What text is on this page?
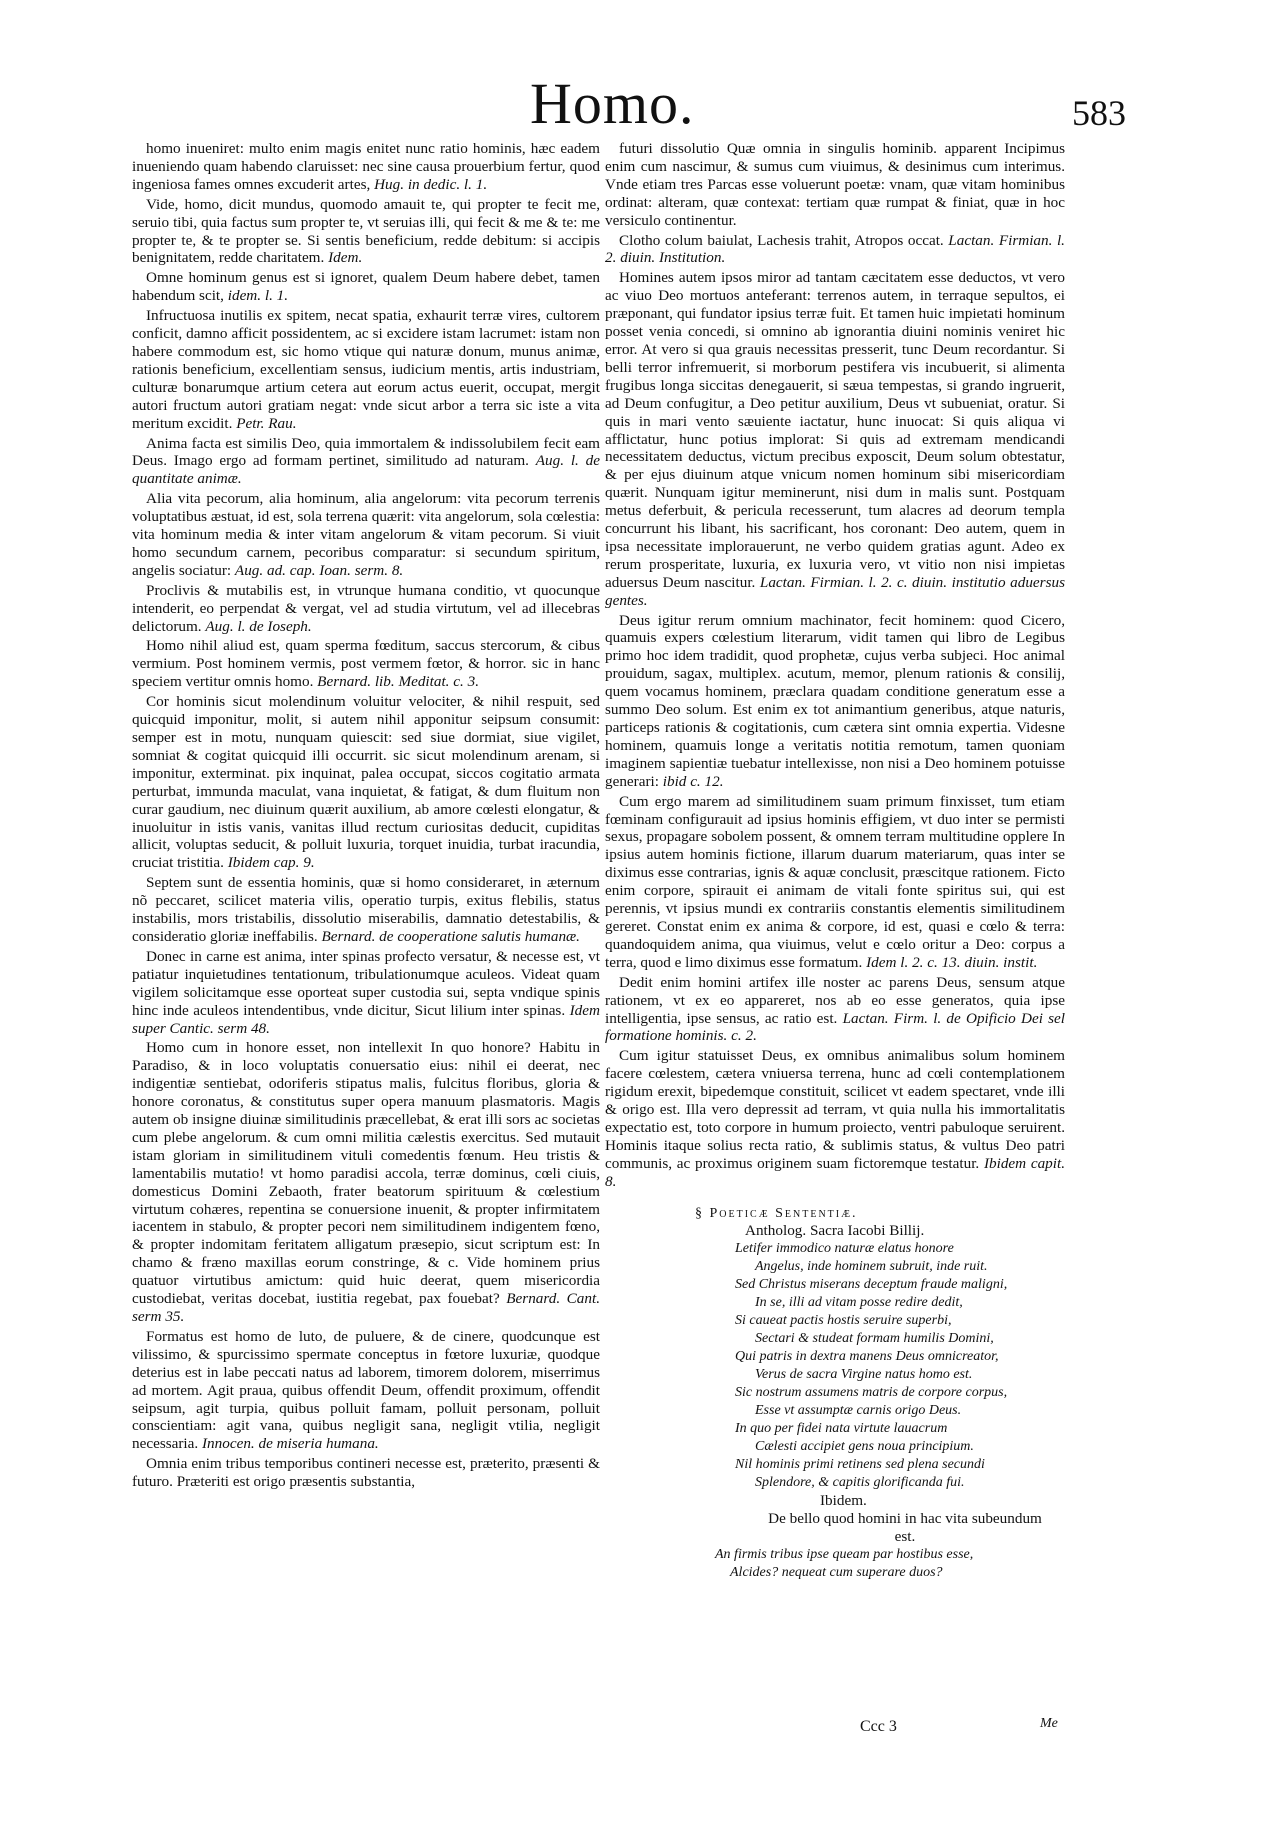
Homo.	583

homo inueniret: multo enim magis enitet nunc ratio hominis, hæc eadem inueniendo quam habendo claruisset: nec sine causa prouerbium fertur, quod ingeniosa fames omnes excuderit artes, Hug. in dedic. l. 1.

Vide, homo, dicit mundus, quomodo amauit te, qui propter te fecit me, seruio tibi, quia factus sum propter te, vt seruias illi, qui fecit & me & te: me propter te, & te propter se. Si sentis beneficium, redde debitum: si accipis benignitatem, redde charitatem. Idem.

Omne hominum genus est si ignoret, qualem Deum habere debet, tamen habendum scit, idem. l. 1.

Infructuosa inutilis ex spitem, necat spatia, exhaurit terræ vires, cultorem conficit, damno afficit possidentem, ac si excidere istam lacrumet: istam non habere commodum est, sic homo vtique qui naturæ donum, munus animæ, rationis beneficium, excellentiam sensus, iudicium mentis, artis industriam, culturæ bonarumque artium cetera aut eorum actus euerit, occupat, mergit autori fructum autori gratiam negat: vnde sicut arbor a terra sic iste a vita meritum excidit. Petr. Rau.

Anima facta est similis Deo, quia immortalem & indissolubilem fecit eam Deus. Imago ergo ad formam pertinet, similitudo ad naturam. Aug. l. de quantitate animæ.

Alia vita pecorum, alia hominum, alia angelorum: vita pecorum terrenis voluptatibus æstuat, id est, sola terrena quærit: vita angelorum, sola cœlestia: vita hominum media & inter vitam angelorum & vitam pecorum. Si viuit homo secundum carnem, pecoribus comparatur: si secundum spiritum, angelis sociatur: Aug. ad. cap. Ioan. serm. 8.

Proclivis & mutabilis est, in vtrunque humana conditio, vt quocunque intenderit, eo perpendat & vergat, vel ad studia virtutum, vel ad illecebras delictorum. Aug. l. de Ioseph.

Homo nihil aliud est, quam sperma fœditum, saccus stercorum, & cibus vermium. Post hominem vermis, post vermem fœtor, & horror. sic in hanc speciem vertitur omnis homo. Bernard. lib. Meditat. c. 3.

Cor hominis sicut molendinum voluitur velociter, & nihil respuit, sed quicquid imponitur, molit, si autem nihil apponitur seipsum consumit: semper est in motu, nunquam quiescit: sed siue dormiat, siue vigilet, somniat & cogitat quicquid illi occurrit. sic sicut molendinum arenam, si imponitur, exterminat. pix inquinat, palea occupat, siccos cogitatio armata perturbat, immunda maculat, vana inquietat, & fatigat, & dum fluitum non curar gaudium, nec diuinum quærit auxilium, ab amore cœlesti elongatur, & inuoluitur in istis vanis, vanitas illud rectum curiositas deducit, cupiditas allicit, voluptas seducit, & polluit luxuria, torquet inuidia, turbat iracundia, cruciat tristitia. Ibidem cap. 9.

Septem sunt de essentia hominis, quæ si homo consideraret, in æternum nõ peccaret, scilicet materia vilis, operatio turpis, exitus flebilis, status instabilis, mors tristabilis, dissolutio miserabilis, damnatio detestabilis, & consideratio gloriæ ineffabilis. Bernard. de cooperatione salutis humanæ.

Donec in carne est anima, inter spinas profecto versatur, & necesse est, vt patiatur inquietudines tentationum, tribulationumque aculeos. Videat quam vigilem solicitamque esse oporteat super custodia sui, septa vndique spinis hinc inde aculeos intendentibus, vnde dicitur, Sicut lilium inter spinas. Idem super Cantic. serm 48.

Homo cum in honore esset, non intellexit In quo honore? Habitu in Paradiso, & in loco voluptatis conuersatio eius: nihil ei deerat, nec indigentiæ sentiebat, odoriferis stipatus malis, fulcitus floribus, gloria & honore coronatus, & constitutus super opera manuum plasmatoris. Magis autem ob insigne diuinæ similitudinis præcellebat, & erat illi sors ac societas cum plebe angelorum. & cum omni militia cælestis exercitus. Sed mutauit istam gloriam in similitudinem vituli comedentis fœnum. Heu tristis & lamentabilis mutatio! vt homo paradisi accola, terræ dominus, cœli ciuis, domesticus Domini Zebaoth, frater beatorum spirituum & cœlestium virtutum cohæres, repentina se conuersione inuenit, & propter infirmitatem iacentem in stabulo, & propter pecori nem similitudinem indigentem fœno, & propter indomitam feritatem alligatum præsepio, sicut scriptum est: In chamo & fræno maxillas eorum constringe, & c. Vide hominem prius quatuor virtutibus amictum: quid huic deerat, quem misericordia custodiebat, veritas docebat, iustitia regebat, pax fouebat? Bernard. Cant. serm 35.

Formatus est homo de luto, de puluere, & de cinere, quodcunque est vilissimo, & spurcissimo spermate conceptus in fœtore luxuriæ, quodque deterius est in labe peccati natus ad laborem, timorem dolorem, miserrimus ad mortem. Agit praua, quibus offendit Deum, offendit proximum, offendit seipsum, agit turpia, quibus polluit famam, polluit personam, polluit conscientiam: agit vana, quibus negligit sana, negligit vtilia, negligit necessaria. Innocen. de miseria humana.

Omnia enim tribus temporibus contineri necesse est, præterito, præsenti & futuro. Præteriti est origo præsentis substantia,

futuri dissolutio Quæ omnia in singulis hominib. apparent Incipimus enim cum nascimur, & sumus cum viuimus, & desinimus cum interimus. Vnde etiam tres Parcas esse voluerunt poetæ: vnam, quæ vitam hominibus ordinat: alteram, quæ contexat: tertiam quæ rumpat & finiat, quæ in hoc versiculo continentur.

Clotho colum baiulat, Lachesis trahit, Atropos occat. Lactan. Firmian. l. 2. diuin. Institution.

Homines autem ipsos miror ad tantam cæcitatem esse deductos, vt vero ac viuo Deo mortuos anteferant: terrenos autem, in terraque sepultos, ei præponant, qui fundator ipsius terræ fuit. Et tamen huic impietati hominum posset venia concedi, si omnino ab ignorantia diuini nominis veniret hic error. At vero si qua grauis necessitas presserit, tunc Deum recordantur. Si belli terror infremuerit, si morborum pestifera vis incubuerit, si alimenta frugibus longa siccitas denegauerit, si sæua tempestas, si grando ingruerit, ad Deum confugitur, a Deo petitur auxilium, Deus vt subueniat, oratur. Si quis in mari vento sæuiente iactatur, hunc inuocat: Si quis aliqua vi afflictatur, hunc potius implorat: Si quis ad extremam mendicandi necessitatem deductus, victum precibus exposcit, Deum solum obtestatur, & per ejus diuinum atque vnicum nomen hominum sibi misericordiam quærit. Nunquam igitur meminerunt, nisi dum in malis sunt. Postquam metus deferbuit, & pericula recesserunt, tum alacres ad deorum templa concurrunt his libant, his sacrificant, hos coronant: Deo autem, quem in ipsa necessitate implorauerunt, ne verbo quidem gratias agunt. Adeo ex rerum prosperitate, luxuria, ex luxuria vero, vt vitio non nisi impietas aduersus Deum nascitur. Lactan. Firmian. l. 2. c. diuin. institutio aduersus gentes.

Deus igitur rerum omnium machinator, fecit hominem: quod Cicero, quamuis expers cœlestium literarum, vidit tamen qui libro de Legibus primo hoc idem tradidit, quod prophetæ, cujus verba subjeci. Hoc animal prouidum, sagax, multiplex. acutum, memor, plenum rationis & consilij, quem vocamus hominem, præclara quadam conditione generatum esse a summo Deo solum. Est enim ex tot animantium generibus, atque naturis, particeps rationis & cogitationis, cum cætera sint omnia expertia. Videsne hominem, quamuis longe a veritatis notitia remotum, tamen quoniam imaginem sapientiæ tuebatur intellexisse, non nisi a Deo hominem potuisse generari: ibid c. 12.

Cum ergo marem ad similitudinem suam primum finxisset, tum etiam fœminam configurauit ad ipsius hominis effigiem, vt duo inter se permisti sexus, propagare sobolem possent, & omnem terram multitudine opplere In ipsius autem hominis fictione, illarum duarum materiarum, quas inter se diximus esse contrarias, ignis & aquæ conclusit, præscitque rationem. Ficto enim corpore, spirauit ei animam de vitali fonte spiritus sui, qui est perennis, vt ipsius mundi ex contrariis constantis elementis similitudinem gereret. Constat enim ex anima & corpore, id est, quasi e cœlo & terra: quandoquidem anima, qua viuimus, velut e cœlo oritur a Deo: corpus a terra, quod e limo diximus esse formatum. Idem l. 2. c. 13. diuin. instit.

Dedit enim homini artifex ille noster ac parens Deus, sensum atque rationem, vt ex eo appareret, nos ab eo esse generatos, quia ipse intelligentia, ipse sensus, ac ratio est. Lactan. Firm. l. de Opificio Dei sel formatione hominis. c. 2.

Cum igitur statuisset Deus, ex omnibus animalibus solum hominem facere cœlestem, cætera vniuersa terrena, hunc ad cœli contemplationem rigidum erexit, bipedemque constituit, scilicet vt eadem spectaret, vnde illi & origo est. Illa vero depressit ad terram, vt quia nulla his immortalitatis expectatio est, toto corpore in humum proiecto, ventri pabuloque seruirent. Hominis itaque solius recta ratio, & sublimis status, & vultus Deo patri communis, ac proximus originem suam fictoremque testatur. Ibidem capit. 8.

§ Poeticæ Sententiæ.
Antholog. Sacra Iacobi Billij.
Letifer immodico naturæ elatus honore
Angelus, inde hominem subruit, inde ruit.
Sed Christus miserans deceptum fraude maligni,
In se, illi ad vitam posse redire dedit,
Si caueat pactis hostis seruire superbi,
Sectari & studeat formam humilis Domini,
Qui patris in dextra manens Deus omnicreator,
Verus de sacra Virgine natus homo est.
Sic nostrum assumens matris de corpore corpus,
Esse vt assumptæ carnis origo Deus.
In quo per fidei nata virtute lauacrum
Cælesti accipiet gens noua principium.
Nil hominis primi retinens sed plena secundi
Splendore, & capitis glorificanda fui.
Ibidem.
De bello quod homini in hac vita subeundum est.
An firmis tribus ipse queam par hostibus esse,
Alcides? nequeat cum superare duos?
Ccc 3	Me
